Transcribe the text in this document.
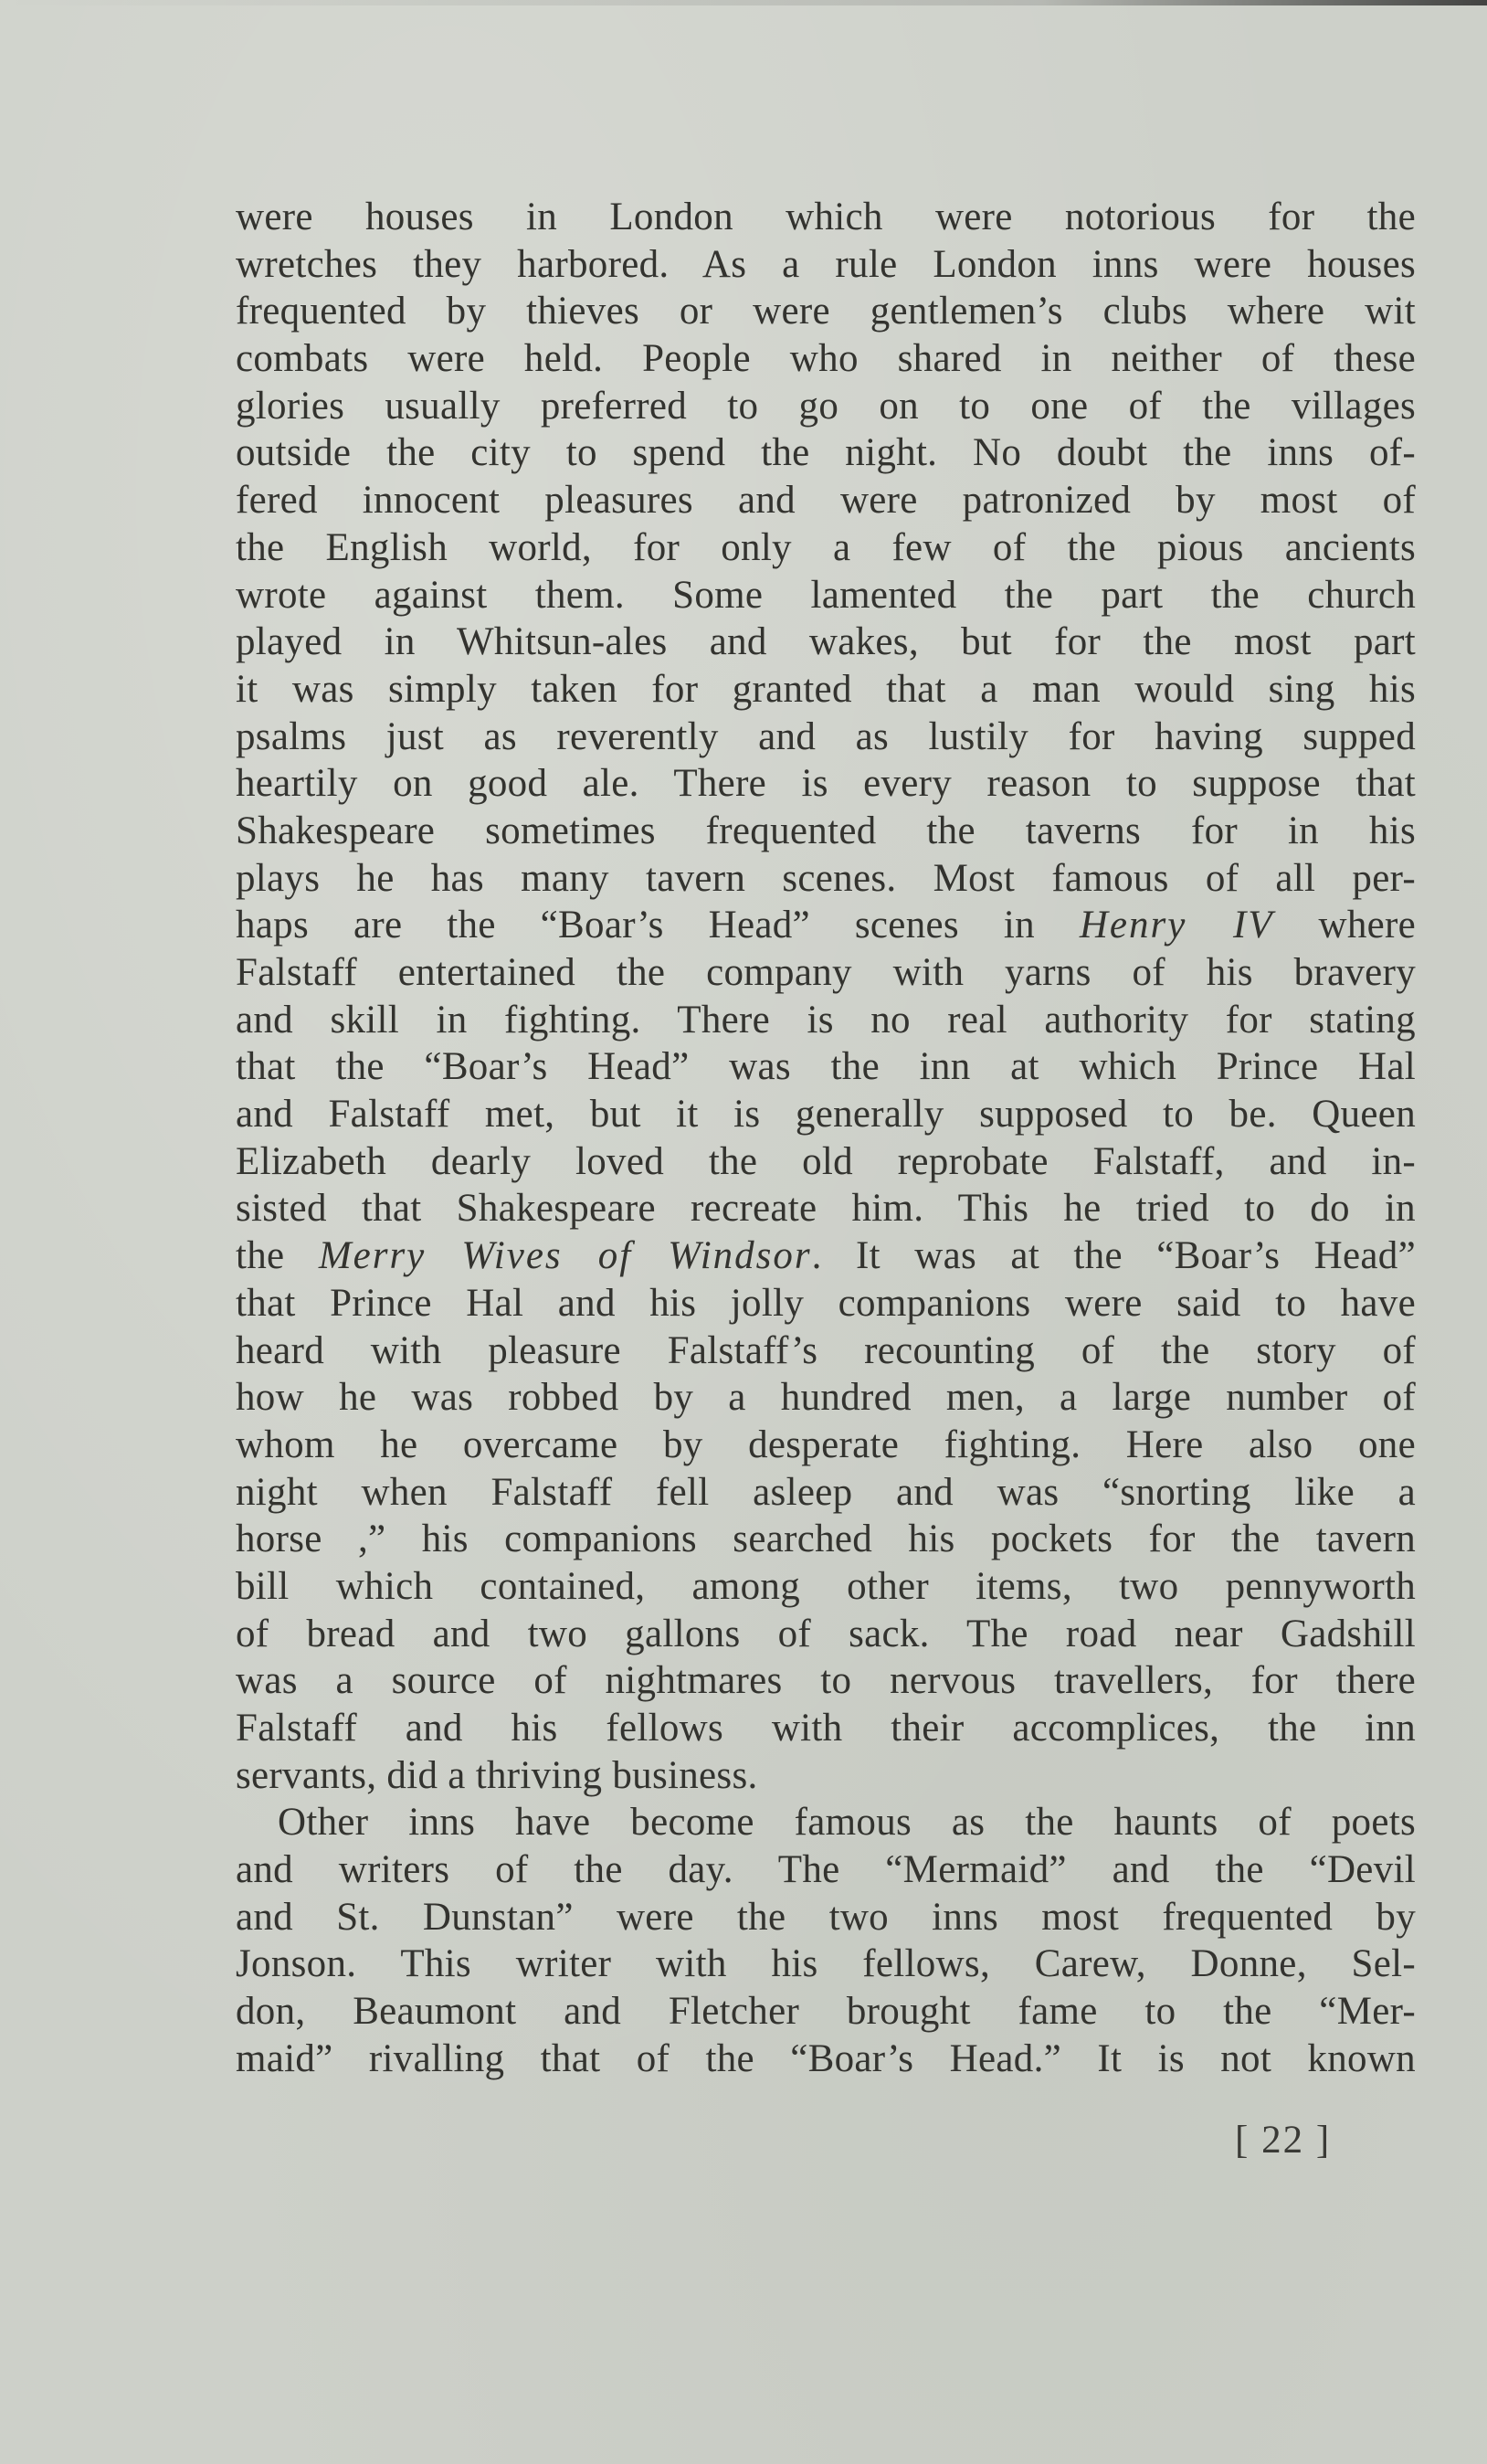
were houses in London which were notorious for the
wretches they harbored. As a rule London inns were houses
frequented by thieves or were gentlemen’s clubs where wit
combats were held. People who shared in neither of these
glories usually preferred to go on to one of the villages
outside the city to spend the night. No doubt the inns of-
fered innocent pleasures and were patronized by most of
the English world, for only a few of the pious ancients
wrote against them. Some lamented the part the church
played in Whitsun-ales and wakes, but for the most part
it was simply taken for granted that a man would sing his
psalms just as reverently and as lustily for having supped
heartily on good ale. There is every reason to suppose that
Shakespeare sometimes frequented the taverns for in his
plays he has many tavern scenes. Most famous of all per-
haps are the “Boar’s Head” scenes in Henry IV where
Falstaff entertained the company with yarns of his bravery
and skill in fighting. There is no real authority for stating
that the “Boar’s Head” was the inn at which Prince Hal
and Falstaff met, but it is generally supposed to be. Queen
Elizabeth dearly loved the old reprobate Falstaff, and in-
sisted that Shakespeare recreate him. This he tried to do in
the Merry Wives of Windsor. It was at the “Boar’s Head”
that Prince Hal and his jolly companions were said to have
heard with pleasure Falstaff’s recounting of the story of
how he was robbed by a hundred men, a large number of
whom he overcame by desperate fighting. Here also one
night when Falstaff fell asleep and was “snorting like a
horse ,” his companions searched his pockets for the tavern
bill which contained, among other items, two pennyworth
of bread and two gallons of sack. The road near Gadshill
was a source of nightmares to nervous travellers, for there
Falstaff and his fellows with their accomplices, the inn
servants, did a thriving business.
Other inns have become famous as the haunts of poets
and writers of the day. The “Mermaid” and the “Devil
and St. Dunstan” were the two inns most frequented by
Jonson. This writer with his fellows, Carew, Donne, Sel-
don, Beaumont and Fletcher brought fame to the “Mer-
maid” rivalling that of the “Boar’s Head.” It is not known
[ 22 ]
